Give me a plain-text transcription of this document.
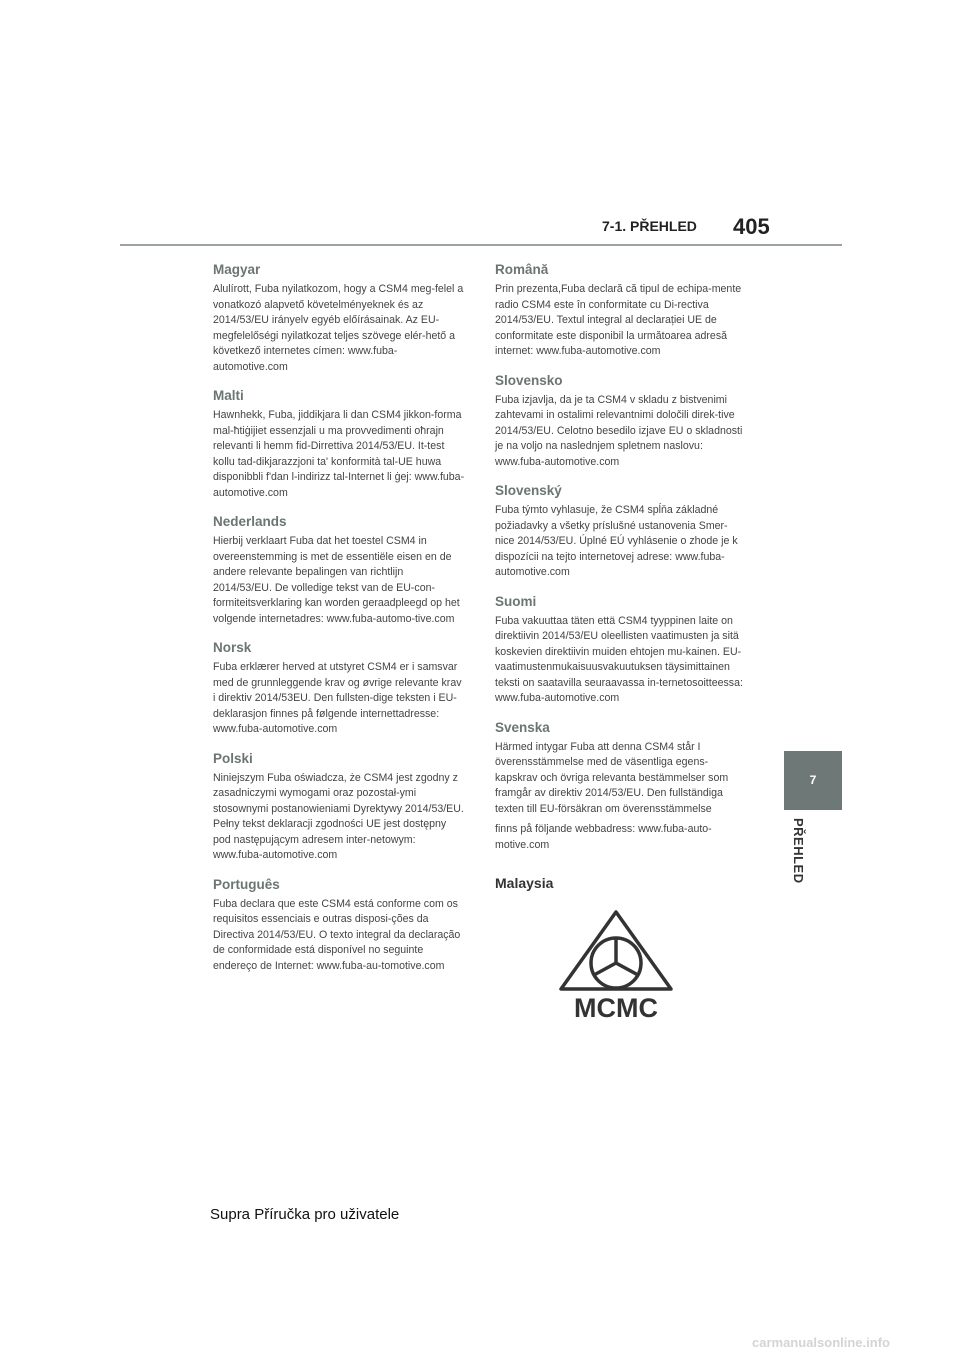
7-1. PŘEHLED 405
Magyar

Alulírott, Fuba nyilatkozom, hogy a CSM4 meg-felel a vonatkozó alapvető követelményeknek és az 2014/53/EU irányelv egyéb előírásainak. Az EU-megfelelőségi nyilatkozat teljes szövege elér-hető a következő internetes címen: www.fuba-automotive.com

Malti

Hawnhekk, Fuba, jiddikjara li dan CSM4 jikkon-forma mal-ħtiġijiet essenzjali u ma provvedimenti oħrajn relevanti li hemm fid-Dirrettiva 2014/53/EU. It-test kollu tad-dikjarazzjoni ta' konformità tal-UE huwa disponibbli f'dan l-indirizz tal-Internet li ġej: www.fuba-automotive.com

Nederlands

Hierbij verklaart Fuba dat het toestel CSM4 in overeenstemming is met de essentiële eisen en de andere relevante bepalingen van richtlijn 2014/53/EU. De volledige tekst van de EU-con-formiteitsverklaring kan worden geraadpleegd op het volgende internetadres: www.fuba-automo-tive.com

Norsk

Fuba erklærer herved at utstyret CSM4 er i samsvar med de grunnleggende krav og øvrige relevante krav i direktiv 2014/53EU. Den fullsten-dige teksten i EU-deklarasjon finnes på følgende internettadresse: www.fuba-automotive.com

Polski

Niniejszym Fuba oświadcza, że CSM4 jest zgodny z zasadniczymi wymogami oraz pozostał-ymi stosownymi postanowieniami Dyrektywy 2014/53/EU. Pełny tekst deklaracji zgodności UE jest dostępny pod następującym adresem inter-netowym: www.fuba-automotive.com

Português

Fuba declara que este CSM4 está conforme com os requisitos essenciais e outras disposi-ções da Directiva 2014/53/EU. O texto integral da declaração de conformidade está disponível no seguinte endereço de Internet: www.fuba-au-tomotive.com

Română

Prin prezenta,Fuba declară că tipul de echipa-mente radio CSM4 este în conformitate cu Di-rectiva 2014/53/EU. Textul integral al declarației UE de conformitate este disponibil la următoarea adresă internet: www.fuba-automotive.com

Slovensko

Fuba izjavlja, da je ta CSM4 v skladu z bistvenimi zahtevami in ostalimi relevantnimi določili direk-tive 2014/53/EU. Celotno besedilo izjave EU o skladnosti je na voljo na naslednjem spletnem naslovu: www.fuba-automotive.com

Slovenský

Fuba týmto vyhlasuje, že CSM4 spĺňa základné požiadavky a všetky príslušné ustanovenia Smer-nice 2014/53/EU. Úplné EÚ vyhlásenie o zhode je k dispozícii na tejto internetovej adrese: www.fuba-automotive.com

Suomi

Fuba vakuuttaa täten että CSM4 tyyppinen laite on direktiivin 2014/53/EU oleellisten vaatimusten ja sitä koskevien direktiivin muiden ehtojen mu-kainen. EU-vaatimustenmukaisuusvakuutuksen täysimittainen teksti on saatavilla seuraavassa in-ternetosoitteessa: www.fuba-automotive.com

Svenska

Härmed intygar Fuba att denna CSM4 står I överensstämmelse med de väsentliga egens-kapskrav och övriga relevanta bestämmelser som framgår av direktiv 2014/53/EU. Den fullständiga texten till EU-försäkran om överensstämmelse

finns på följande webbadress: www.fuba-auto-motive.com

Malaysia
MCMC
7
PŘEHLED
Supra Příručka pro uživatele
carmanualsonline.info
